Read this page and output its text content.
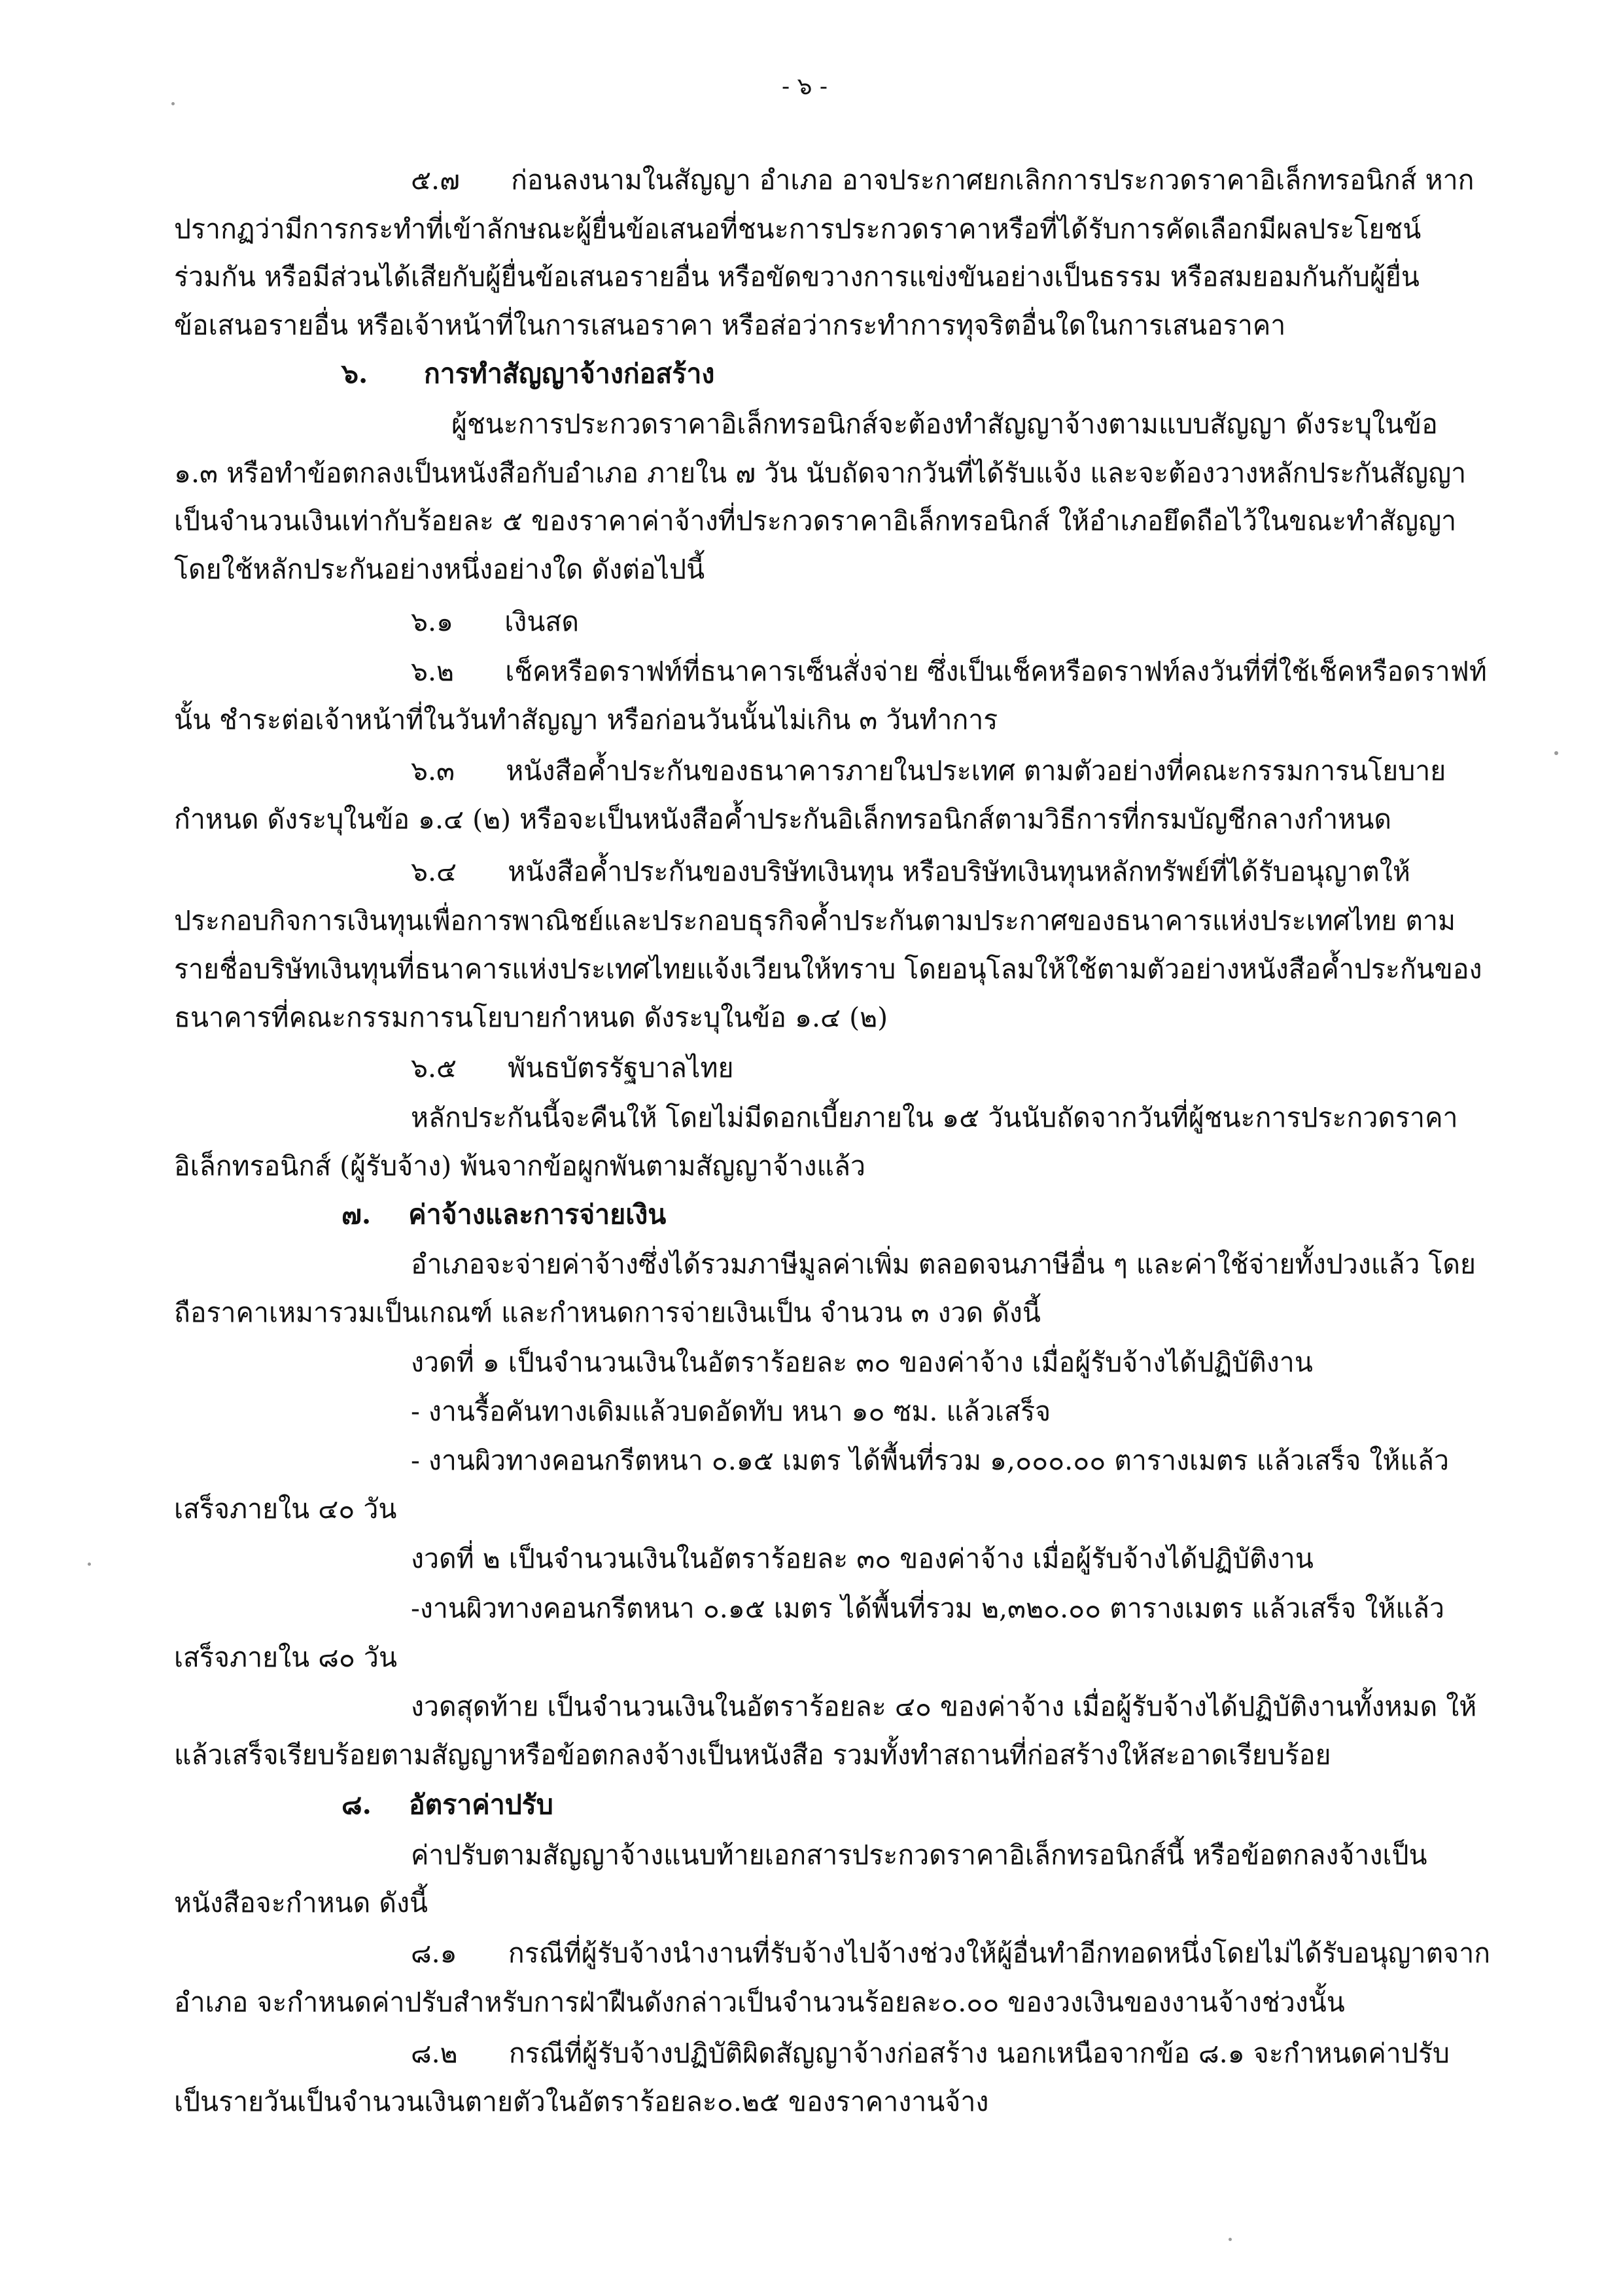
- ๖ -
๕.๗      ก่อนลงนามในสัญญา อำเภอ อาจประกาศยกเลิกการประกวดราคาอิเล็กทรอนิกส์ หาก
ปรากฏว่ามีการกระทำที่เข้าลักษณะผู้ยื่นข้อเสนอที่ชนะการประกวดราคาหรือที่ได้รับการคัดเลือกมีผลประโยชน์
ร่วมกัน หรือมีส่วนได้เสียกับผู้ยื่นข้อเสนอรายอื่น หรือขัดขวางการแข่งขันอย่างเป็นธรรม หรือสมยอมกันกับผู้ยื่น
ข้อเสนอรายอื่น หรือเจ้าหน้าที่ในการเสนอราคา หรือส่อว่ากระทำการทุจริตอื่นใดในการเสนอราคา
๖.      การทำสัญญาจ้างก่อสร้าง
ผู้ชนะการประกวดราคาอิเล็กทรอนิกส์จะต้องทำสัญญาจ้างตามแบบสัญญา ดังระบุในข้อ
๑.๓ หรือทำข้อตกลงเป็นหนังสือกับอำเภอ ภายใน ๗ วัน นับถัดจากวันที่ได้รับแจ้ง และจะต้องวางหลักประกันสัญญา
เป็นจำนวนเงินเท่ากับร้อยละ ๕ ของราคาค่าจ้างที่ประกวดราคาอิเล็กทรอนิกส์ ให้อำเภอยึดถือไว้ในขณะทำสัญญา
โดยใช้หลักประกันอย่างหนึ่งอย่างใด ดังต่อไปนี้
๖.๑      เงินสด
๖.๒      เช็คหรือดราฟท์ที่ธนาคารเซ็นสั่งจ่าย ซึ่งเป็นเช็คหรือดราฟท์ลงวันที่ที่ใช้เช็คหรือดราฟท์
นั้น ชำระต่อเจ้าหน้าที่ในวันทำสัญญา หรือก่อนวันนั้นไม่เกิน ๓ วันทำการ
๖.๓      หนังสือค้ำประกันของธนาคารภายในประเทศ ตามตัวอย่างที่คณะกรรมการนโยบาย
กำหนด ดังระบุในข้อ ๑.๔ (๒) หรือจะเป็นหนังสือค้ำประกันอิเล็กทรอนิกส์ตามวิธีการที่กรมบัญชีกลางกำหนด
๖.๔      หนังสือค้ำประกันของบริษัทเงินทุน หรือบริษัทเงินทุนหลักทรัพย์ที่ได้รับอนุญาตให้
ประกอบกิจการเงินทุนเพื่อการพาณิชย์และประกอบธุรกิจค้ำประกันตามประกาศของธนาคารแห่งประเทศไทย ตาม
รายชื่อบริษัทเงินทุนที่ธนาคารแห่งประเทศไทยแจ้งเวียนให้ทราบ โดยอนุโลมให้ใช้ตามตัวอย่างหนังสือค้ำประกันของ
ธนาคารที่คณะกรรมการนโยบายกำหนด ดังระบุในข้อ ๑.๔ (๒)
๖.๕      พันธบัตรรัฐบาลไทย
หลักประกันนี้จะคืนให้ โดยไม่มีดอกเบี้ยภายใน ๑๕ วันนับถัดจากวันที่ผู้ชนะการประกวดราคา
อิเล็กทรอนิกส์ (ผู้รับจ้าง) พ้นจากข้อผูกพันตามสัญญาจ้างแล้ว
๗.    ค่าจ้างและการจ่ายเงิน
อำเภอจะจ่ายค่าจ้างซึ่งได้รวมภาษีมูลค่าเพิ่ม ตลอดจนภาษีอื่น ๆ และค่าใช้จ่ายทั้งปวงแล้ว โดย
ถือราคาเหมารวมเป็นเกณฑ์ และกำหนดการจ่ายเงินเป็น จำนวน ๓ งวด ดังนี้
งวดที่ ๑ เป็นจำนวนเงินในอัตราร้อยละ ๓๐ ของค่าจ้าง เมื่อผู้รับจ้างได้ปฏิบัติงาน
- งานรื้อคันทางเดิมแล้วบดอัดทับ หนา ๑๐ ซม. แล้วเสร็จ
- งานผิวทางคอนกรีตหนา ๐.๑๕ เมตร ได้พื้นที่รวม ๑,๐๐๐.๐๐ ตารางเมตร แล้วเสร็จ ให้แล้ว
เสร็จภายใน ๔๐ วัน
งวดที่ ๒ เป็นจำนวนเงินในอัตราร้อยละ ๓๐ ของค่าจ้าง เมื่อผู้รับจ้างได้ปฏิบัติงาน
-งานผิวทางคอนกรีตหนา ๐.๑๕ เมตร ได้พื้นที่รวม ๒,๓๒๐.๐๐ ตารางเมตร แล้วเสร็จ ให้แล้ว
เสร็จภายใน ๘๐ วัน
งวดสุดท้าย เป็นจำนวนเงินในอัตราร้อยละ ๔๐ ของค่าจ้าง เมื่อผู้รับจ้างได้ปฏิบัติงานทั้งหมด ให้
แล้วเสร็จเรียบร้อยตามสัญญาหรือข้อตกลงจ้างเป็นหนังสือ รวมทั้งทำสถานที่ก่อสร้างให้สะอาดเรียบร้อย
๘.    อัตราค่าปรับ
ค่าปรับตามสัญญาจ้างแนบท้ายเอกสารประกวดราคาอิเล็กทรอนิกส์นี้ หรือข้อตกลงจ้างเป็น
หนังสือจะกำหนด ดังนี้
๘.๑      กรณีที่ผู้รับจ้างนำงานที่รับจ้างไปจ้างช่วงให้ผู้อื่นทำอีกทอดหนึ่งโดยไม่ได้รับอนุญาตจาก
อำเภอ จะกำหนดค่าปรับสำหรับการฝ่าฝืนดังกล่าวเป็นจำนวนร้อยละ๐.๐๐ ของวงเงินของงานจ้างช่วงนั้น
๘.๒      กรณีที่ผู้รับจ้างปฏิบัติผิดสัญญาจ้างก่อสร้าง นอกเหนือจากข้อ ๘.๑ จะกำหนดค่าปรับ
เป็นรายวันเป็นจำนวนเงินตายตัวในอัตราร้อยละ๐.๒๕ ของราคางานจ้าง
